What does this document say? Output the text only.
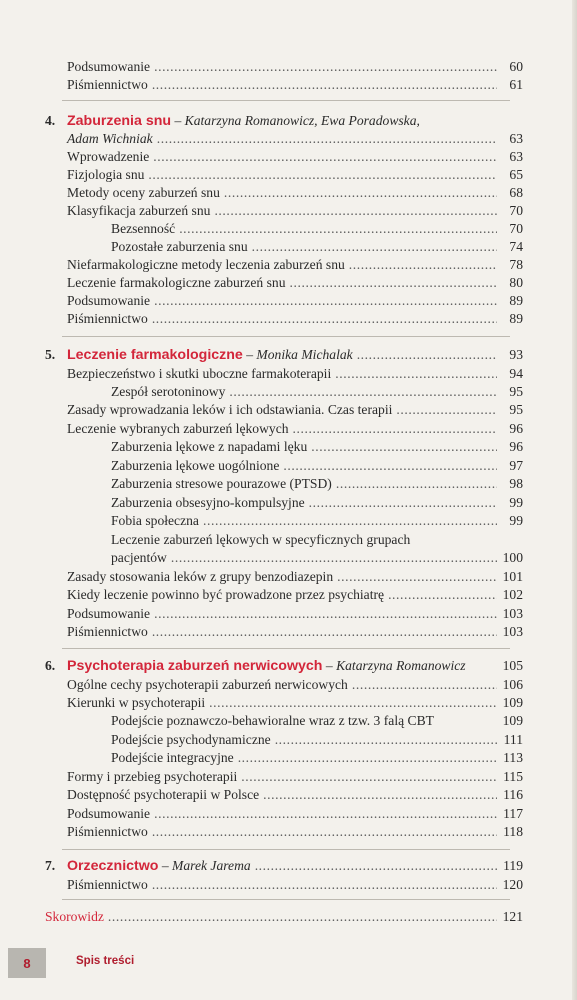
Podsumowanie . . .	60
Piśmiennictwo . . .	61
4. Zaburzenia snu – Katarzyna Romanowicz, Ewa Poradowska,
Adam Wichniak . . .	63
Wprowadzenie . . .	63
Fizjologia snu . . .	65
Metody oceny zaburzeń snu . . .	68
Klasyfikacja zaburzeń snu . . .	70
Bezsenność . . .	70
Pozostałe zaburzenia snu . . .	74
Niefarmakologiczne metody leczenia zaburzeń snu . . .	78
Leczenie farmakologiczne zaburzeń snu . . .	80
Podsumowanie . . .	89
Piśmiennictwo . . .	89
5. Leczenie farmakologiczne – Monika Michalak . . .	93
Bezpieczeństwo i skutki uboczne farmakoterapii . . .	94
Zespół serotoninowy . . .	95
Zasady wprowadzania leków i ich odstawiania. Czas terapii . . .	95
Leczenie wybranych zaburzeń lękowych . . .	96
Zaburzenia lękowe z napadami lęku . . .	96
Zaburzenia lękowe uogólnione . . .	97
Zaburzenia stresowe pourazowe (PTSD) . . .	98
Zaburzenia obsesyjno-kompulsyjne . . .	99
Fobia społeczna . . .	99
Leczenie zaburzeń lękowych w specyficznych grupach
pacjentów . . .	100
Zasady stosowania leków z grupy benzodiazepin . . .	101
Kiedy leczenie powinno być prowadzone przez psychiatrę . . .	102
Podsumowanie . . .	103
Piśmiennictwo . . .	103
6. Psychoterapia zaburzeń nerwicowych – Katarzyna Romanowicz	105
Ogólne cechy psychoterapii zaburzeń nerwicowych . . .	106
Kierunki w psychoterapii . . .	109
Podejście poznawczo-behawioralne wraz z tzw. 3 falą CBT	109
Podejście psychodynamiczne . . .	111
Podejście integracyjne . . .	113
Formy i przebieg psychoterapii . . .	115
Dostępność psychoterapii w Polsce . . .	116
Podsumowanie . . .	117
Piśmiennictwo . . .	118
7. Orzecznictwo – Marek Jarema . . .	119
Piśmiennictwo . . .	120
Skorowidz . . .	121
8	Spis treści
